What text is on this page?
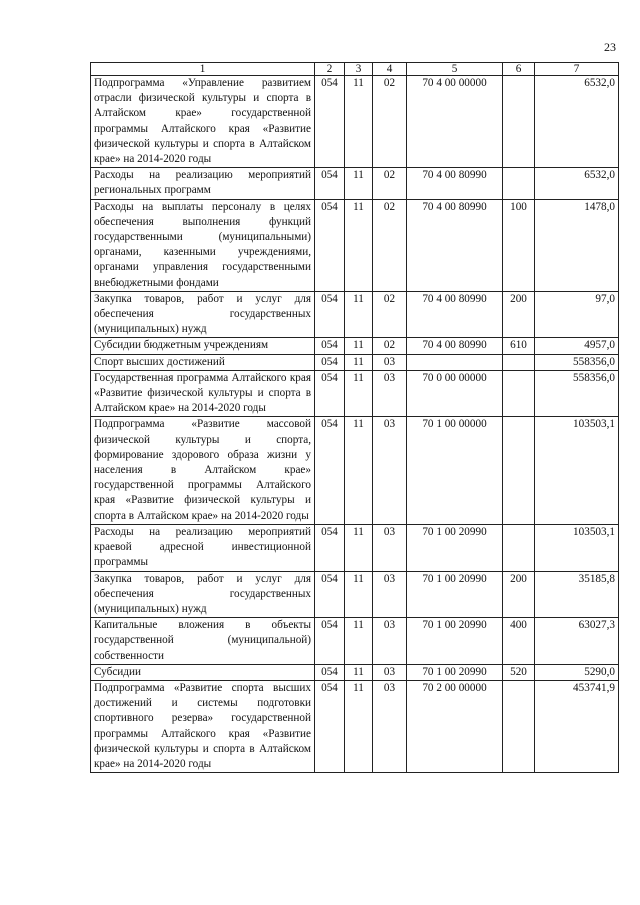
23
1	2	3	4	5	6	7
Подпрограмма «Управление развитием отрасли физической культуры и спорта в Алтайском крае» государственной программы Алтайского края «Развитие физической культуры и спорта в Алтайском крае» на 2014-2020 годы	054	11	02	70 4 00 00000		6532,0
Расходы на реализацию мероприятий региональных программ	054	11	02	70 4 00 80990		6532,0
Расходы на выплаты персоналу в целях обеспечения выполнения функций государственными (муниципальными) органами, казенными учреждениями, органами управления государственными внебюджетными фондами	054	11	02	70 4 00 80990	100	1478,0
Закупка товаров, работ и услуг для обеспечения государственных (муниципальных) нужд	054	11	02	70 4 00 80990	200	97,0
Субсидии бюджетным учреждениям	054	11	02	70 4 00 80990	610	4957,0
Спорт высших достижений	054	11	03			558356,0
Государственная программа Алтайского края «Развитие физической культуры и спорта в Алтайском крае» на 2014-2020 годы	054	11	03	70 0 00 00000		558356,0
Подпрограмма «Развитие массовой физической культуры и спорта, формирование здорового образа жизни у населения в Алтайском крае» государственной программы Алтайского края «Развитие физической культуры и спорта в Алтайском крае» на 2014-2020 годы	054	11	03	70 1 00 00000		103503,1
Расходы на реализацию мероприятий краевой адресной инвестиционной программы	054	11	03	70 1 00 20990		103503,1
Закупка товаров, работ и услуг для обеспечения государственных (муниципальных) нужд	054	11	03	70 1 00 20990	200	35185,8
Капитальные вложения в объекты государственной (муниципальной) собственности	054	11	03	70 1 00 20990	400	63027,3
Субсидии	054	11	03	70 1 00 20990	520	5290,0
Подпрограмма «Развитие спорта высших достижений и системы подготовки спортивного резерва» государственной программы Алтайского края «Развитие физической культуры и спорта в Алтайском крае» на 2014-2020 годы	054	11	03	70 2 00 00000		453741,9
